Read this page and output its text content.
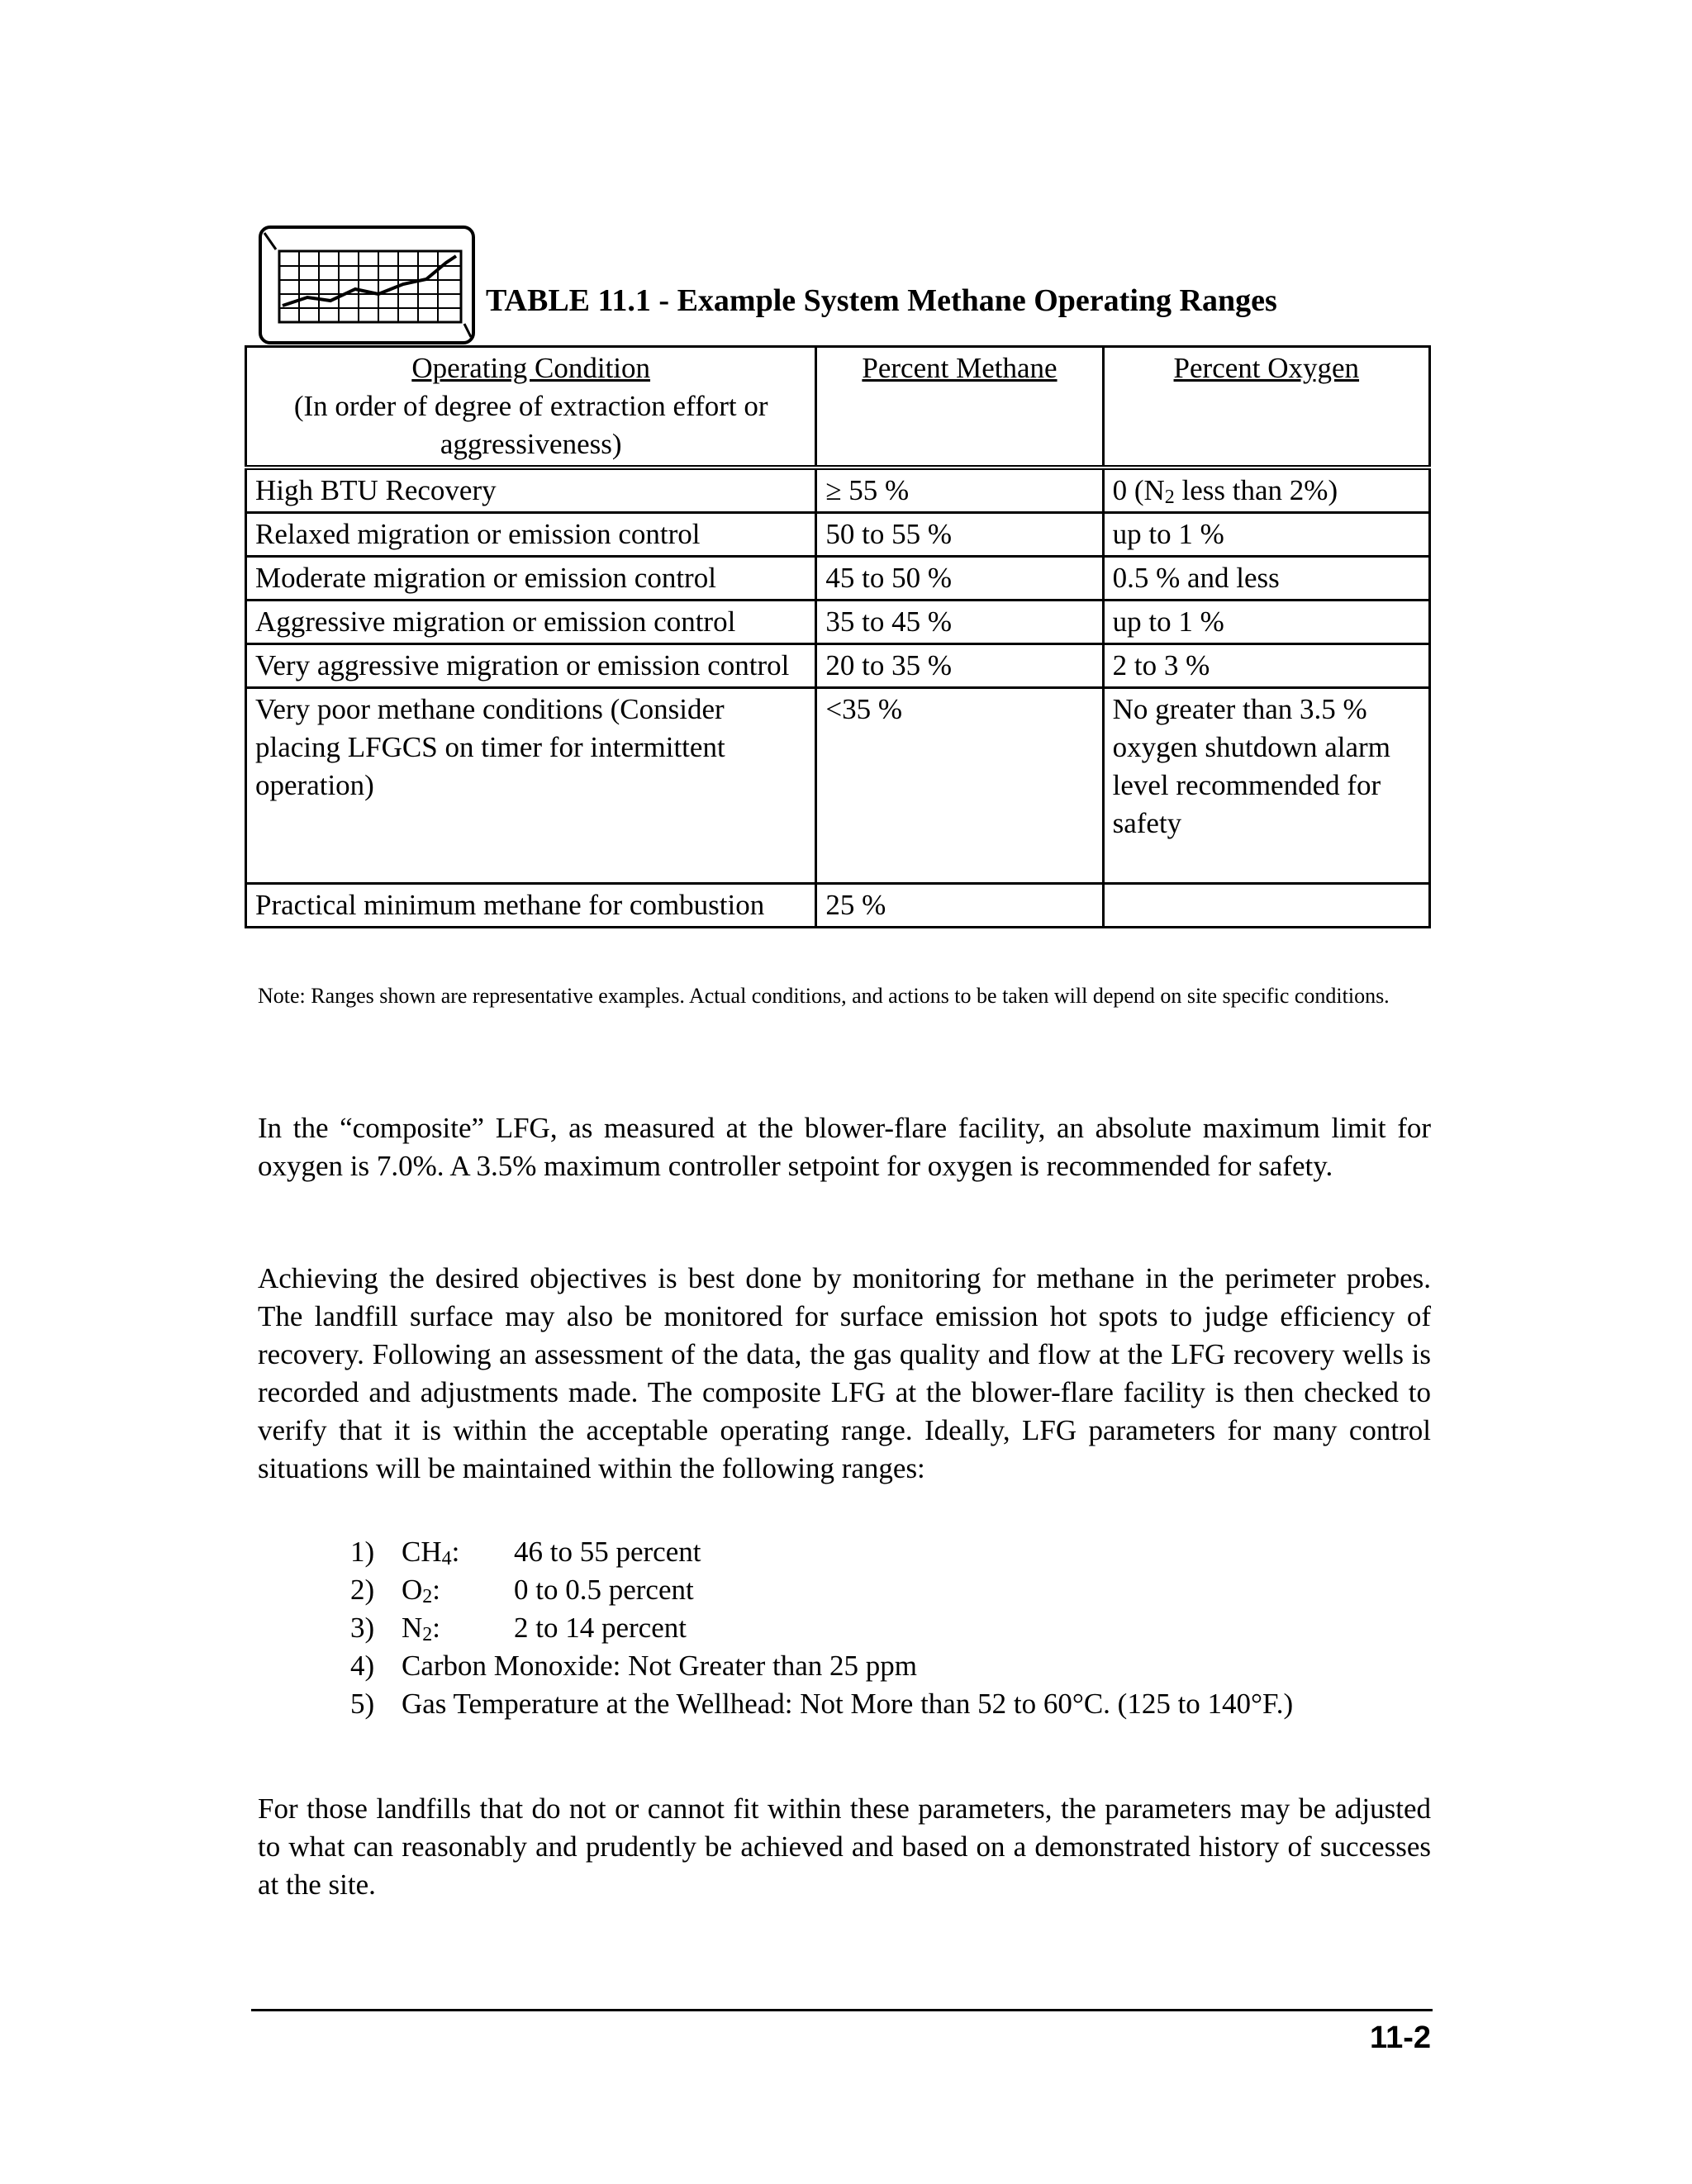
TABLE 11.1 - Example System Methane Operating Ranges
Operating Condition
(In order of degree of extraction effort or aggressiveness)	Percent Methane	Percent Oxygen
High BTU Recovery	≥ 55 %	0 ($N_2$ less than 2%)
Relaxed migration or emission control	50 to 55 %	up to 1 %
Moderate migration or emission control	45 to 50 %	0.5 % and less
Aggressive migration or emission control	35 to 45 %	up to 1 %
Very aggressive migration or emission control	20 to 35 %	2 to 3 %
Very poor methane conditions (Consider placing LFGCS on timer for intermittent operation)	<35 %	No greater than 3.5 % oxygen shutdown alarm level recommended for safety
Practical minimum methane for combustion	25 %	
Note: Ranges shown are representative examples. Actual conditions, and actions to be taken will depend on site specific conditions.

In the “composite” LFG, as measured at the blower-flare facility, an absolute maximum limit for oxygen is 7.0%. A 3.5% maximum controller setpoint for oxygen is recommended for safety.

Achieving the desired objectives is best done by monitoring for methane in the perimeter probes. The landfill surface may also be monitored for surface emission hot spots to judge efficiency of recovery. Following an assessment of the data, the gas quality and flow at the LFG recovery wells is recorded and adjustments made. The composite LFG at the blower-flare facility is then checked to verify that it is within the acceptable operating range. Ideally, LFG parameters for many control situations will be maintained within the following ranges:

1) $CH_4$: 46 to 55 percent
2) $O_2$:	0 to 0.5 percent
3) $N_2$:	2 to 14 percent
4) Carbon Monoxide: Not Greater than 25 ppm
5) Gas Temperature at the Wellhead: Not More than 52 to 60°C. (125 to 140°F.)

For those landfills that do not or cannot fit within these parameters, the parameters may be adjusted to what can reasonably and prudently be achieved and based on a demonstrated history of successes at the site.

11-2
